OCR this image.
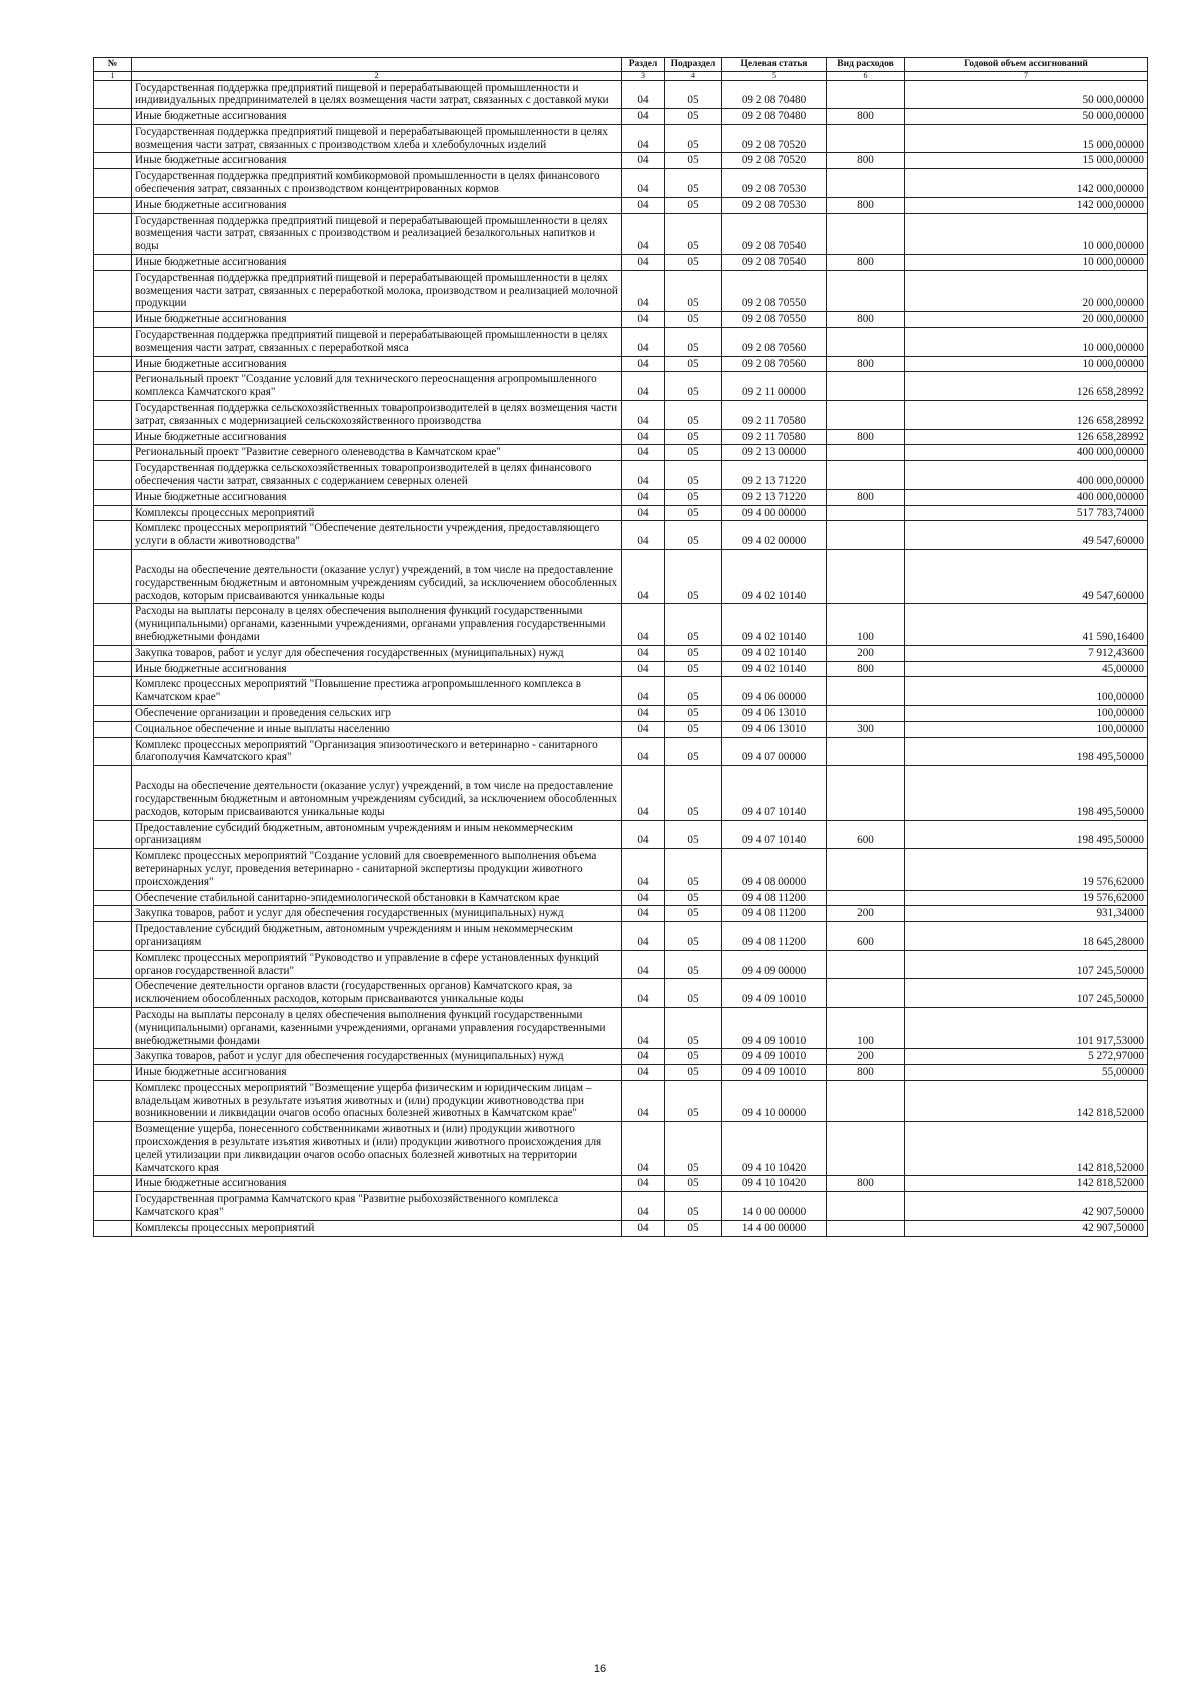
№		Раздел	Подраздел	Целевая статья	Вид расходов	Годовой объем ассигнований
1	2	3	4	5	6	7
	Государственная поддержка предприятий пищевой и перерабатывающей промышленности и индивидуальных предпринимателей в целях возмещения части затрат, связанных с доставкой муки	04	05	09 2 08 70480		50 000,00000
	Иные бюджетные ассигнования	04	05	09 2 08 70480	800	50 000,00000
	Государственная поддержка предприятий пищевой и перерабатывающей промышленности в целях возмещения части затрат, связанных с производством хлеба и хлебобулочных изделий	04	05	09 2 08 70520		15 000,00000
	Иные бюджетные ассигнования	04	05	09 2 08 70520	800	15 000,00000
	Государственная поддержка предприятий комбикормовой промышленности в целях финансового обеспечения затрат, связанных с производством концентрированных кормов	04	05	09 2 08 70530		142 000,00000
	Иные бюджетные ассигнования	04	05	09 2 08 70530	800	142 000,00000
	Государственная поддержка предприятий пищевой и перерабатывающей промышленности в целях возмещения части затрат, связанных с производством и реализацией безалкогольных напитков и воды	04	05	09 2 08 70540		10 000,00000
	Иные бюджетные ассигнования	04	05	09 2 08 70540	800	10 000,00000
	Государственная поддержка предприятий пищевой и перерабатывающей промышленности в целях возмещения части затрат, связанных с переработкой молока, производством и реализацией молочной продукции	04	05	09 2 08 70550		20 000,00000
	Иные бюджетные ассигнования	04	05	09 2 08 70550	800	20 000,00000
	Государственная поддержка предприятий пищевой и перерабатывающей промышленности в целях возмещения части затрат, связанных с переработкой мяса	04	05	09 2 08 70560		10 000,00000
	Иные бюджетные ассигнования	04	05	09 2 08 70560	800	10 000,00000
	Региональный проект "Создание условий для технического переоснащения агропромышленного комплекса Камчатского края"	04	05	09 2 11 00000		126 658,28992
	Государственная поддержка сельскохозяйственных товаропроизводителей в целях возмещения части затрат, связанных с модернизацией сельскохозяйственного производства	04	05	09 2 11 70580		126 658,28992
	Иные бюджетные ассигнования	04	05	09 2 11 70580	800	126 658,28992
	Региональный проект "Развитие северного оленеводства в Камчатском крае"	04	05	09 2 13 00000		400 000,00000
	Государственная поддержка сельскохозяйственных товаропроизводителей в целях финансового обеспечения части затрат, связанных с содержанием северных оленей	04	05	09 2 13 71220		400 000,00000
	Иные бюджетные ассигнования	04	05	09 2 13 71220	800	400 000,00000
	Комплексы процессных мероприятий	04	05	09 4 00 00000		517 783,74000
	Комплекс процессных мероприятий "Обеспечение деятельности учреждения, предоставляющего услуги в области животноводства"	04	05	09 4 02 00000		49 547,60000
	Расходы на обеспечение деятельности (оказание услуг) учреждений, в том числе на предоставление государственным бюджетным и автономным учреждениям субсидий, за исключением обособленных расходов, которым присваиваются уникальные коды	04	05	09 4 02 10140		49 547,60000
	Расходы на выплаты персоналу в целях обеспечения выполнения функций государственными (муниципальными) органами, казенными учреждениями, органами управления государственными внебюджетными фондами	04	05	09 4 02 10140	100	41 590,16400
	Закупка товаров, работ и услуг для обеспечения государственных (муниципальных) нужд	04	05	09 4 02 10140	200	7 912,43600
	Иные бюджетные ассигнования	04	05	09 4 02 10140	800	45,00000
	Комплекс процессных мероприятий "Повышение престижа агропромышленного комплекса в Камчатском крае"	04	05	09 4 06 00000		100,00000
	Обеспечение организации и проведения сельских игр	04	05	09 4 06 13010		100,00000
	Социальное обеспечение и иные выплаты населению	04	05	09 4 06 13010	300	100,00000
	Комплекс процессных мероприятий "Организация эпизоотического и ветеринарно - санитарного благополучия Камчатского края"	04	05	09 4 07 00000		198 495,50000
	Расходы на обеспечение деятельности (оказание услуг) учреждений, в том числе на предоставление государственным бюджетным и автономным учреждениям субсидий, за исключением обособленных расходов, которым присваиваются уникальные коды	04	05	09 4 07 10140		198 495,50000
	Предоставление субсидий бюджетным, автономным учреждениям и иным некоммерческим организациям	04	05	09 4 07 10140	600	198 495,50000
	Комплекс процессных мероприятий "Создание условий для своевременного выполнения объема ветеринарных услуг, проведения ветеринарно - санитарной экспертизы продукции животного происхождения"	04	05	09 4 08 00000		19 576,62000
	Обеспечение стабильной санитарно-эпидемиологической обстановки в Камчатском крае	04	05	09 4 08 11200		19 576,62000
	Закупка товаров, работ и услуг для обеспечения государственных (муниципальных) нужд	04	05	09 4 08 11200	200	931,34000
	Предоставление субсидий бюджетным, автономным учреждениям и иным некоммерческим организациям	04	05	09 4 08 11200	600	18 645,28000
	Комплекс процессных мероприятий "Руководство и управление в сфере установленных функций органов государственной власти"	04	05	09 4 09 00000		107 245,50000
	Обеспечение деятельности органов власти (государственных органов) Камчатского края, за исключением обособленных расходов, которым присваиваются уникальные коды	04	05	09 4 09 10010		107 245,50000
	Расходы на выплаты персоналу в целях обеспечения выполнения функций государственными (муниципальными) органами, казенными учреждениями, органами управления государственными внебюджетными фондами	04	05	09 4 09 10010	100	101 917,53000
	Закупка товаров, работ и услуг для обеспечения государственных (муниципальных) нужд	04	05	09 4 09 10010	200	5 272,97000
	Иные бюджетные ассигнования	04	05	09 4 09 10010	800	55,00000
	Комплекс процессных мероприятий "Возмещение ущерба физическим и юридическим лицам – владельцам животных в результате изъятия животных и (или) продукции животноводства при возникновении и ликвидации очагов особо опасных болезней животных в Камчатском крае"	04	05	09 4 10 00000		142 818,52000
	Возмещение ущерба, понесенного собственниками животных и (или) продукции животного происхождения в результате изъятия животных и (или) продукции животного происхождения для целей утилизации при ликвидации очагов особо опасных болезней животных на территории Камчатского края	04	05	09 4 10 10420		142 818,52000
	Иные бюджетные ассигнования	04	05	09 4 10 10420	800	142 818,52000
	Государственная программа Камчатского края "Развитие рыбохозяйственного комплекса Камчатского края"	04	05	14 0 00 00000		42 907,50000
	Комплексы процессных мероприятий	04	05	14 4 00 00000		42 907,50000
16
